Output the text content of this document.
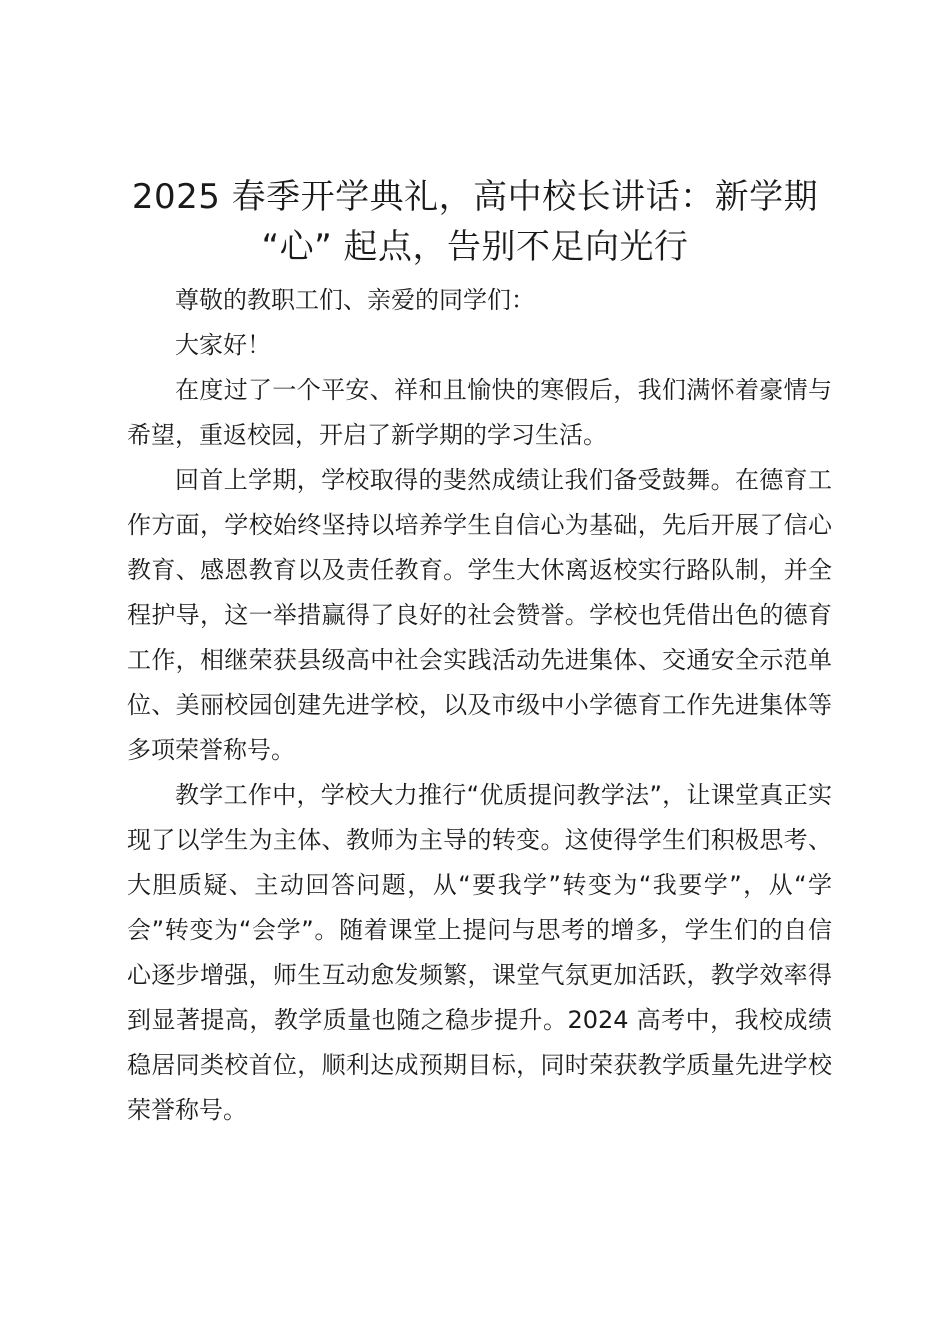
2025 春季开学典礼，高中校长讲话：新学期
“心” 起点，告别不足向光行

尊敬的教职工们、亲爱的同学们：

大家好！

在度过了一个平安、祥和且愉快的寒假后，我们满怀着豪情与希望，重返校园，开启了新学期的学习生活。

回首上学期，学校取得的斐然成绩让我们备受鼓舞。在德育工作方面，学校始终坚持以培养学生自信心为基础，先后开展了信心教育、感恩教育以及责任教育。学生大休离返校实行路队制，并全程护导，这一举措赢得了良好的社会赞誉。学校也凭借出色的德育工作，相继荣获县级高中社会实践活动先进集体、交通安全示范单位、美丽校园创建先进学校，以及市级中小学德育工作先进集体等多项荣誉称号。

教学工作中，学校大力推行“优质提问教学法”，让课堂真正实现了以学生为主体、教师为主导的转变。这使得学生们积极思考、大胆质疑、主动回答问题，从“要我学”转变为“我要学”，从“学会”转变为“会学”。随着课堂上提问与思考的增多，学生们的自信心逐步增强，师生互动愈发频繁，课堂气氛更加活跃，教学效率得到显著提高，教学质量也随之稳步提升。2024 高考中，我校成绩稳居同类校首位，顺利达成预期目标，同时荣获教学质量先进学校荣誉称号。
